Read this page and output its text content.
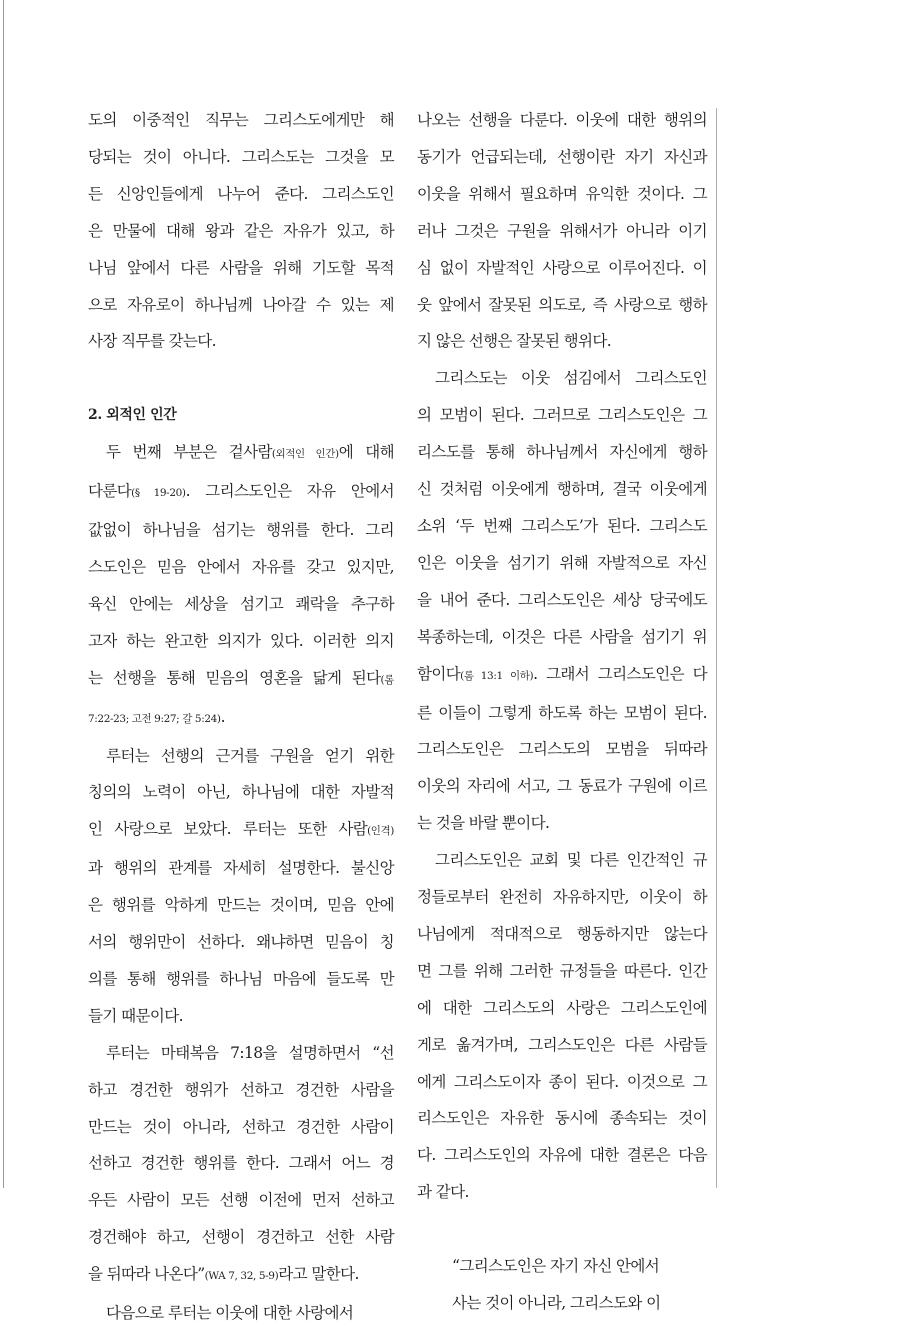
도의 이중적인 직무는 그리스도에게만 해

당되는 것이 아니다. 그리스도는 그것을 모

든 신앙인들에게 나누어 준다. 그리스도인

은 만물에 대해 왕과 같은 자유가 있고, 하

나님 앞에서 다른 사람을 위해 기도할 목적

으로 자유로이 하나님께 나아갈 수 있는 제

사장 직무를 갖는다.

2. 외적인 인간

두 번째 부분은 겉사람(외적인 인간)에 대해

다룬다(§ 19-20). 그리스도인은 자유 안에서

값없이 하나님을 섬기는 행위를 한다. 그리

스도인은 믿음 안에서 자유를 갖고 있지만,

육신 안에는 세상을 섬기고 쾌락을 추구하

고자 하는 완고한 의지가 있다. 이러한 의지

는 선행을 통해 믿음의 영혼을 닮게 된다(롬

7:22-23; 고전 9:27; 갈 5:24).

루터는 선행의 근거를 구원을 얻기 위한

칭의의 노력이 아닌, 하나님에 대한 자발적

인 사랑으로 보았다. 루터는 또한 사람(인격)

과 행위의 관계를 자세히 설명한다. 불신앙

은 행위를 악하게 만드는 것이며, 믿음 안에

서의 행위만이 선하다. 왜냐하면 믿음이 칭

의를 통해 행위를 하나님 마음에 들도록 만

들기 때문이다.

루터는 마태복음 7:18을 설명하면서 “선

하고 경건한 행위가 선하고 경건한 사람을

만드는 것이 아니라, 선하고 경건한 사람이

선하고 경건한 행위를 한다. 그래서 어느 경

우든 사람이 모든 선행 이전에 먼저 선하고

경건해야 하고, 선행이 경건하고 선한 사람

을 뒤따라 나온다”(WA 7, 32, 5-9)라고 말한다.

다음으로 루터는 이웃에 대한 사랑에서

나오는 선행을 다룬다. 이웃에 대한 행위의

동기가 언급되는데, 선행이란 자기 자신과

이웃을 위해서 필요하며 유익한 것이다. 그

러나 그것은 구원을 위해서가 아니라 이기

심 없이 자발적인 사랑으로 이루어진다. 이

웃 앞에서 잘못된 의도로, 즉 사랑으로 행하

지 않은 선행은 잘못된 행위다.

그리스도는 이웃 섬김에서 그리스도인

의 모범이 된다. 그러므로 그리스도인은 그

리스도를 통해 하나님께서 자신에게 행하

신 것처럼 이웃에게 행하며, 결국 이웃에게

소위 ‘두 번째 그리스도’가 된다. 그리스도

인은 이웃을 섬기기 위해 자발적으로 자신

을 내어 준다. 그리스도인은 세상 당국에도

복종하는데, 이것은 다른 사람을 섬기기 위

함이다(롬 13:1 이하). 그래서 그리스도인은 다

른 이들이 그렇게 하도록 하는 모범이 된다.

그리스도인은 그리스도의 모범을 뒤따라

이웃의 자리에 서고, 그 동료가 구원에 이르

는 것을 바랄 뿐이다.

그리스도인은 교회 및 다른 인간적인 규

정들로부터 완전히 자유하지만, 이웃이 하

나님에게 적대적으로 행동하지만 않는다

면 그를 위해 그러한 규정들을 따른다. 인간

에 대한 그리스도의 사랑은 그리스도인에

게로 옮겨가며, 그리스도인은 다른 사람들

에게 그리스도이자 종이 된다. 이것으로 그

리스도인은 자유한 동시에 종속되는 것이

다. 그리스도인의 자유에 대한 결론은 다음

과 같다.

“그리스도인은 자기 자신 안에서

사는 것이 아니라, 그리스도와 이
